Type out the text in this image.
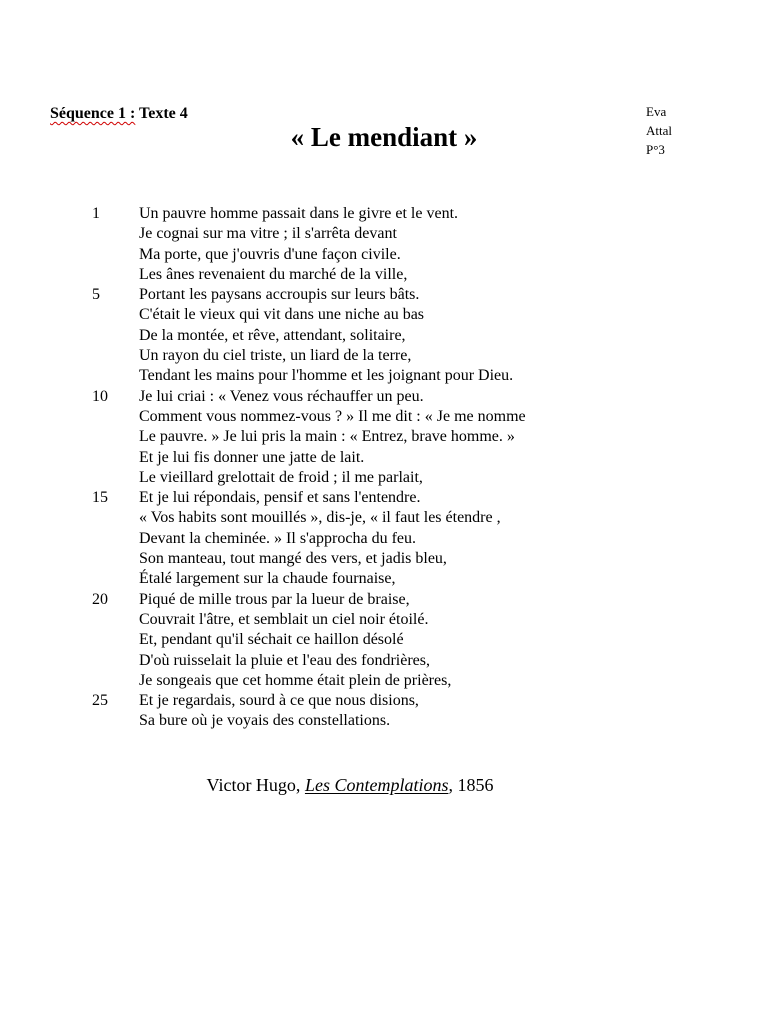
Séquence 1 : Texte 4
« Le mendiant »
Eva
Attal
P°3
1	Un pauvre homme passait dans le givre et le vent.
Je cognai sur ma vitre ; il s'arrêta devant
Ma porte, que j'ouvris d'une façon civile.
Les ânes revenaient du marché de la ville,
5	Portant les paysans accroupis sur leurs bâts.
C'était le vieux qui vit dans une niche au bas
De la montée, et rêve, attendant, solitaire,
Un rayon du ciel triste, un liard de la terre,
Tendant les mains pour l'homme et les joignant pour Dieu.
10	Je lui criai : « Venez vous réchauffer un peu.
Comment vous nommez-vous ? » Il me dit : « Je me nomme
Le pauvre. » Je lui pris la main : « Entrez, brave homme. »
Et je lui fis donner une jatte de lait.
Le vieillard grelottait de froid ; il me parlait,
15	Et je lui répondais, pensif et sans l'entendre.
« Vos habits sont mouillés », dis-je, « il faut les étendre ,
Devant la cheminée. » Il s'approcha du feu.
Son manteau, tout mangé des vers, et jadis bleu,
Étalé largement sur la chaude fournaise,
20	Piqué de mille trous par la lueur de braise,
Couvrait l'âtre, et semblait un ciel noir étoilé.
Et, pendant qu'il séchait ce haillon désolé
D'où ruisselait la pluie et l'eau des fondrières,
Je songeais que cet homme était plein de prières,
25	Et je regardais, sourd à ce que nous disions,
Sa bure où je voyais des constellations.
Victor Hugo, Les Contemplations, 1856
